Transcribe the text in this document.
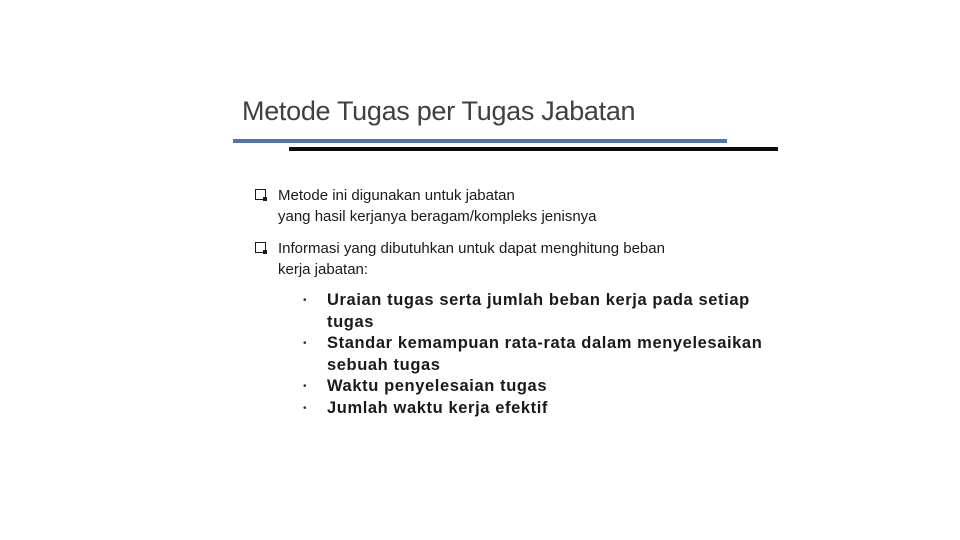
Metode Tugas per Tugas Jabatan
Metode ini digunakan untuk jabatan
yang hasil kerjanya beragam/kompleks jenisnya
Informasi yang dibutuhkan untuk dapat menghitung beban
kerja jabatan:
• Uraian tugas serta jumlah beban kerja pada setiap tugas
• Standar kemampuan rata-rata dalam menyelesaikan sebuah tugas
• Waktu penyelesaian tugas
• Jumlah waktu kerja efektif
